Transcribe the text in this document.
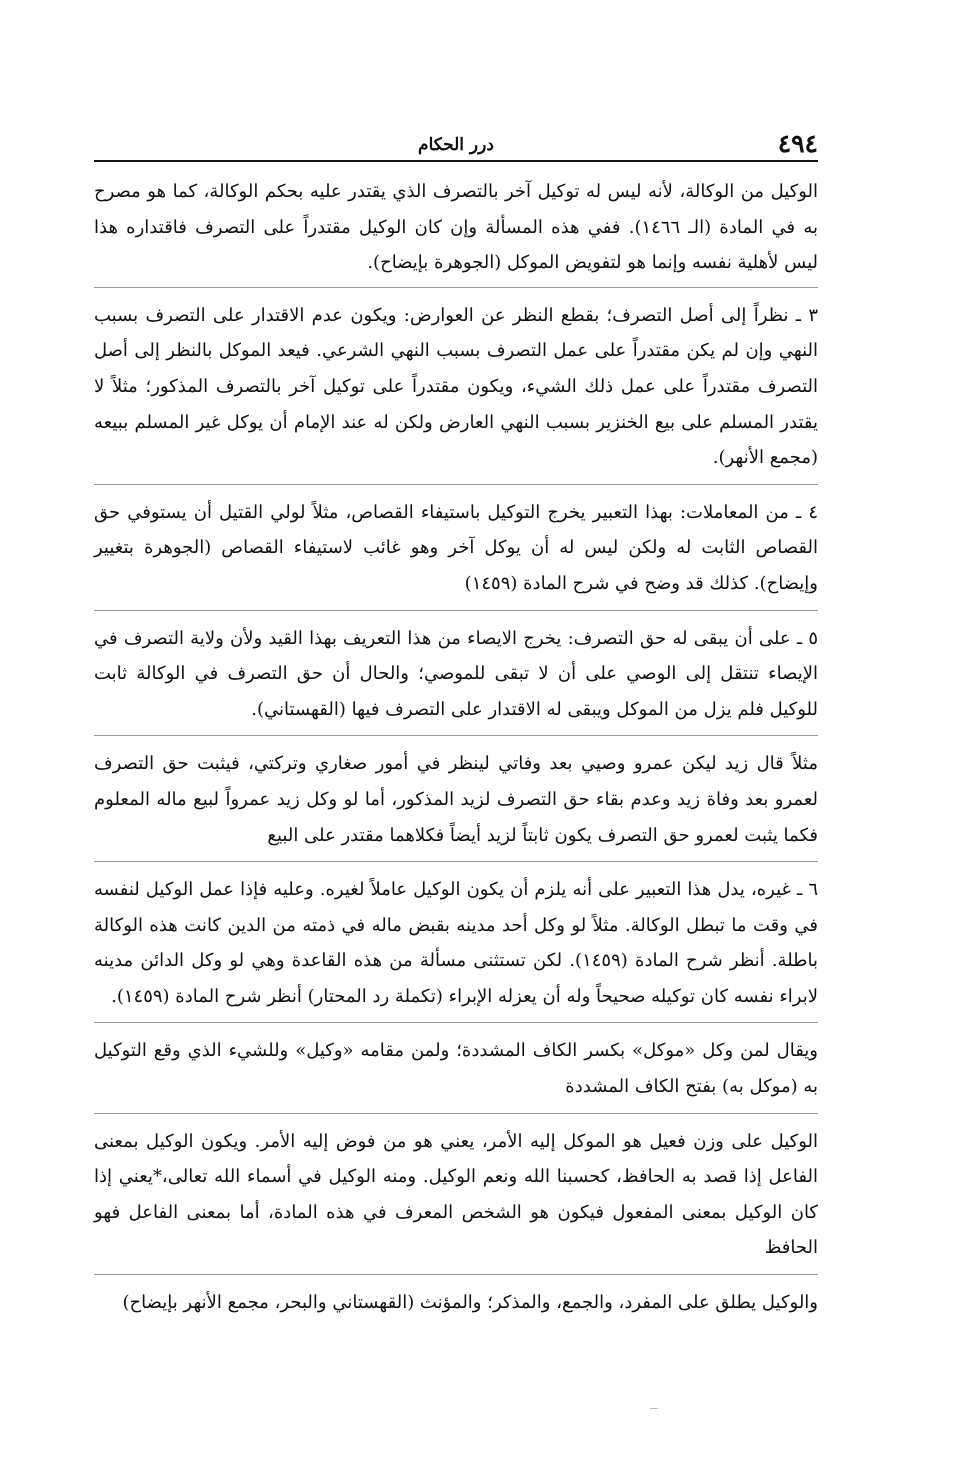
٤٩٤
درر الحكام

الوكيل من الوكالة، لأنه ليس له توكيل آخر بالتصرف الذي يقتدر عليه بحكم الوكالة، كما هو مصرح به في المادة (الـ ١٤٦٦). ففي هذه المسألة وإن كان الوكيل مقتدراً على التصرف فاقتداره هذا ليس لأهلية نفسه وإنما هو لتفويض الموكل (الجوهرة بإيضاح).

٣ ـ نظراً إلى أصل التصرف؛ بقطع النظر عن العوارض: ويكون عدم الاقتدار على التصرف بسبب النهي وإن لم يكن مقتدراً على عمل التصرف بسبب النهي الشرعي. فيعد الموكل بالنظر إلى أصل التصرف مقتدراً على عمل ذلك الشيء، ويكون مقتدراً على توكيل آخر بالتصرف المذكور؛ مثلاً لا يقتدر المسلم على بيع الخنزير بسبب النهي العارض ولكن له عند الإمام أن يوكل غير المسلم ببيعه (مجمع الأنهر).

٤ ـ من المعاملات: بهذا التعبير يخرج التوكيل باستيفاء القصاص، مثلاً لولي القتيل أن يستوفي حق القصاص الثابت له ولكن ليس له أن يوكل آخر وهو غائب لاستيفاء القصاص (الجوهرة بتغيير وإيضاح). كذلك قد وضح في شرح المادة (١٤٥٩)

٥ ـ على أن يبقى له حق التصرف: يخرج الايصاء من هذا التعريف بهذا القيد ولأن ولاية التصرف في الإيصاء تنتقل إلى الوصي على أن لا تبقى للموصي؛ والحال أن حق التصرف في الوكالة ثابت للوكيل فلم يزل من الموكل ويبقى له الاقتدار على التصرف فيها (القهستاني).

مثلاً قال زيد ليكن عمرو وصيي بعد وفاتي لينظر في أمور صغاري وتركتي، فيثبت حق التصرف لعمرو بعد وفاة زيد وعدم بقاء حق التصرف لزيد المذكور، أما لو وكل زيد عمرواً لبيع ماله المعلوم فكما يثبت لعمرو حق التصرف يكون ثابتاً لزيد أيضاً فكلاهما مقتدر على البيع

٦ ـ غيره، يدل هذا التعبير على أنه يلزم أن يكون الوكيل عاملاً لغيره. وعليه فإذا عمل الوكيل لنفسه في وقت ما تبطل الوكالة. مثلاً لو وكل أحد مدينه بقبض ماله في ذمته من الدين كانت هذه الوكالة باطلة. أنظر شرح المادة (١٤٥٩). لكن تستثنى مسألة من هذه القاعدة وهي لو وكل الدائن مدينه لابراء نفسه كان توكيله صحيحاً وله أن يعزله الإبراء (تكملة رد المحتار) أنظر شرح المادة (١٤٥٩).

ويقال لمن وكل «موكل» بكسر الكاف المشددة؛ ولمن مقامه «وكيل» وللشيء الذي وقع التوكيل به (موكل به) بفتح الكاف المشددة

الوكيل على وزن فعيل هو الموكل إليه الأمر، يعني هو من فوض إليه الأمر. ويكون الوكيل بمعنى الفاعل إذا قصد به الحافظ، كحسبنا الله ونعم الوكيل. ومنه الوكيل في أسماء الله تعالى،*يعني إذا كان الوكيل بمعنى المفعول فيكون هو الشخص المعرف في هذه المادة، أما بمعنى الفاعل فهو الحافظ

والوكيل يطلق على المفرد، والجمع، والمذكر؛ والمؤنث (القهستاني والبحر، مجمع الأنهر بإيضاح)
